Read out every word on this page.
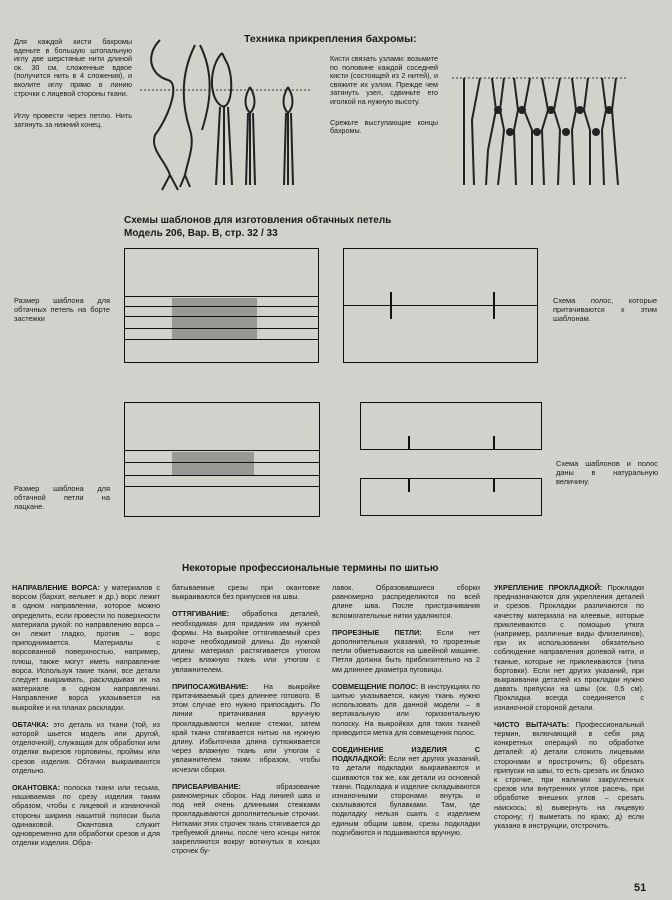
Для каждой кисти бахромы вденьте в большую штопальную иглу две шерстяные нити длиной ок. 30 см, сложенные вдвое (получится нить в 4 сложения), и вколите иглу прямо в линию строчки с лицевой стороны ткани.
Иглу провести через петлю. Нить затянуть за нижний конец.
Техника прикрепления бахромы:
Кисти связать узлами: возьмите по половине каждой соседней кисти (состоящей из 2 нитей), и свяжите их узлом. Прежде чем затянуть узел, сдвиньте его иголкой на нужную высоту.
Срежьте выступающие концы бахромы.
Схемы шаблонов для изготовления обтачных петель
Модель 206, Вар. В, стр. 32 / 33
Размер шаблона для обтачных петель на борте застежки
Схема полос, которые притачиваются к этим шаблонам.
Размер шаблона для обтачной петли на лацкане.
Схема шаблонов и полос даны в натуральную величину.
Некоторые профессиональные термины по шитью

НАПРАВЛЕНИЕ ВОРСА: у материалов с ворсом (бархат, вельвет и др.) ворс лежит в одном направлении, которое можно определить, если провести по поверхности материала рукой: по направлению ворса – он лежит гладко, против – ворс приподнимается. Материалы с ворсованной поверхностью, например, плюш, также могут иметь направление ворса. Используя такие ткани, все детали следует выкраивать, раскладывая их на материале в одном направлении. Направление ворса указывается на выкройке и на планах раскладки.

ОБТАЧКА: это деталь из ткани (той, из которой шьется модель или другой, отделочной), служащая для обработки или отделки вырезов горловины, проймы или срезов изделия. Обтачки выкраиваются отдельно.

ОКАНТОВКА: полоска ткани или тесьма, нашиваемая по срезу изделия таким образом, чтобы с лицевой и изнаночной стороны ширина нашитой полоски была одинаковой. Окантовка служит одновременно для обработки срезов и для отделки изделия. Обра-

батываемые срезы при окантовке выкраиваются без припусков на швы.

ОТТЯГИВАНИЕ: обработка деталей, необходимая для придания им нужной формы. На выкройке оттягиваемый срез короче необходимой длины. До нужной длины материал растягивается утюгом через влажную ткань или утюгом с увлажнителем.

ПРИПОСАЖИВАНИЕ: На выкройке притачиваемый срез длиннее готового. В этом случае его нужно припосадить. По линии притачивания вручную прокладываются мелкие стежки, затем край ткани стягивается нитью на нужную длину. Избыточная длина сутюживается через влажную ткань или утюгом с увлажнителем таким образом, чтобы исчезли сборки.

ПРИСБАРИВАНИЕ:	образование равномерных сборок. Над линией шва и под ней очень длинными стежками прокладываются дополнительные строчки. Нитками этих строчек ткань стягивается до требуемой длины, после чего концы ниток закрепляются вокруг воткнутых в концах строчек бу-

лавок. Образовавшиеся сборки равномерно распределяются по всей длине шва. После пристрачивания вспомогательные нитки удаляются.

ПРОРЕЗНЫЕ ПЕТЛИ: Если нет дополнительных указаний, то прорезные петли обметываются на швейной машине. Петля должна быть приблизительно на 2 мм длиннее диаметра пуговицы.

СОВМЕЩЕНИЕ ПОЛОС: В инструкциях по шитью указывается, какую ткань нужно использовать для данной модели – в вертикальную или горизонтальную полоску. На выкройках для таких тканей приводится метка для совмещения полос.

СОЕДИНЕНИЕ ИЗДЕЛИЯ С ПОДКЛАДКОЙ: Если нет других указаний, то детали подкладки выкраиваются и сшиваются так же, как детали из основной ткани. Подкладка и изделие складываются изнаночными сторонами внутрь и скалываются булавками. Там, где подкладку нельзя сшить с изделием единым общим швом, срезы подкладки подгибаются и подшиваются вручную.

УКРЕПЛЕНИЕ ПРОКЛАДКОЙ: Прокладки предназначаются для укрепления деталей и срезов. Прокладки различаются по качеству материала на клеевые, которые приклеиваются с помощью утюга (например, различные виды флизелинов), при их использовании обязательно соблюдение направления долевой нити, и тканые, которые не приклеиваются (типа бортовки). Если нет других указаний, при выкраивании деталей из прокладки нужно давать припуски на швы (ок. 0,5 см). Прокладка всегда соединяется с изнаночной стороной детали.

ЧИСТО ВЫТАЧАТЬ: Профессиональный термин, включающий в себя ряд конкретных операций по обработке деталей: а) детали сложить лицевыми сторонами и прострочить; б) обрезать припуски на швы, то есть срезать их близко к строчке, при наличии закругленных срезов или внутренних углов расечь, при обработке внешних углов – срезать наискось; в) вывернуть на лицевую сторону; г) выметать по краю; д) если указано в инструкции, отстрочить.

51
